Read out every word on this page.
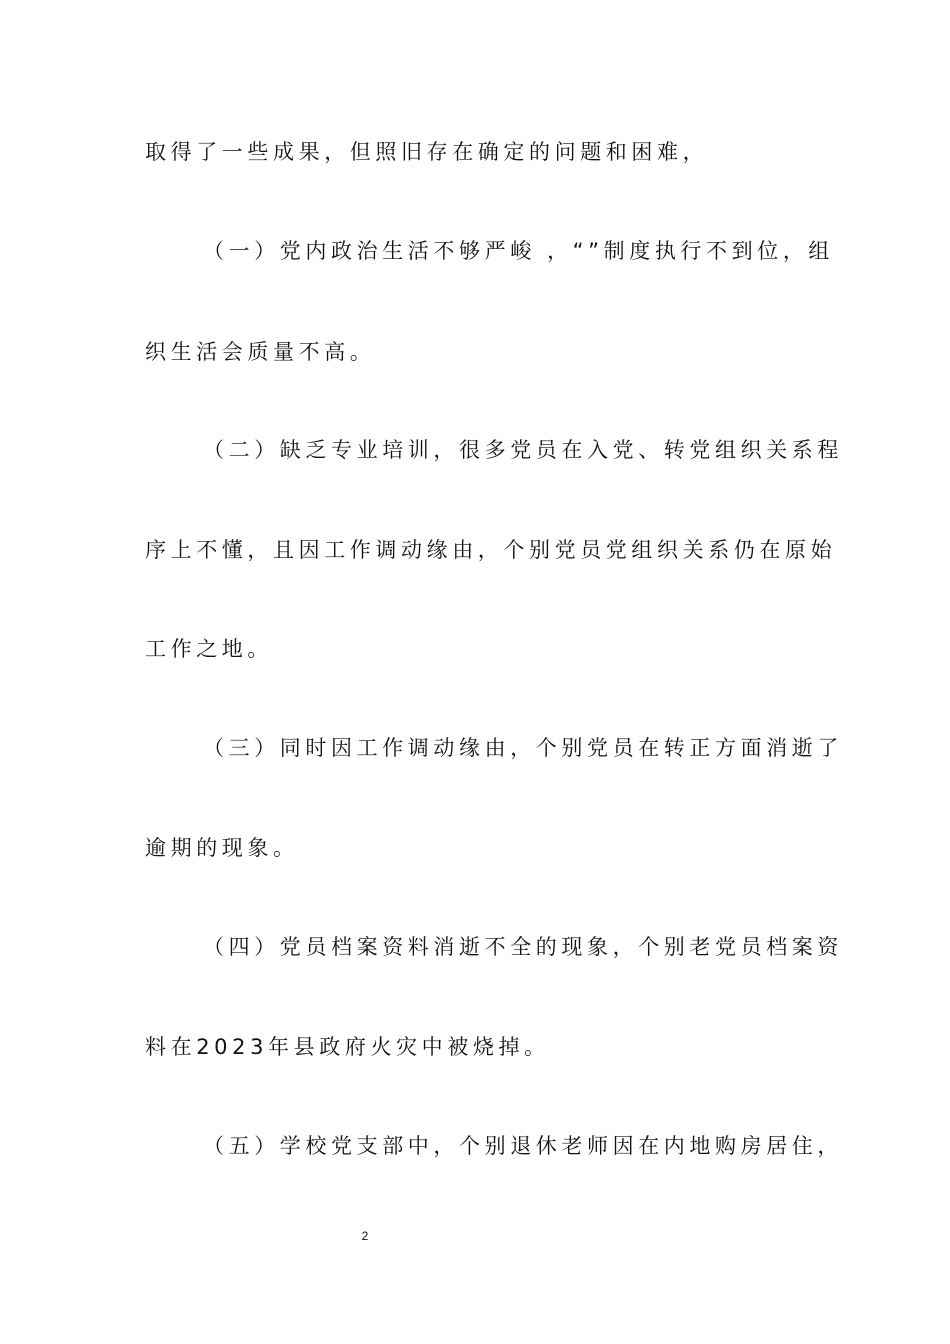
取得了一些成果，但照旧存在确定的问题和困难，
（一）党内政治生活不够严峻 ，“”制度执行不到位，组
织生活会质量不高。
（二）缺乏专业培训，很多党员在入党、转党组织关系程
序上不懂，且因工作调动缘由，个别党员党组织关系仍在原始
工作之地。
（三）同时因工作调动缘由，个别党员在转正方面消逝了
逾期的现象。
（四）党员档案资料消逝不全的现象，个别老党员档案资
料在2023年县政府火灾中被烧掉。
（五）学校党支部中，个别退休老师因在内地购房居住，
2
